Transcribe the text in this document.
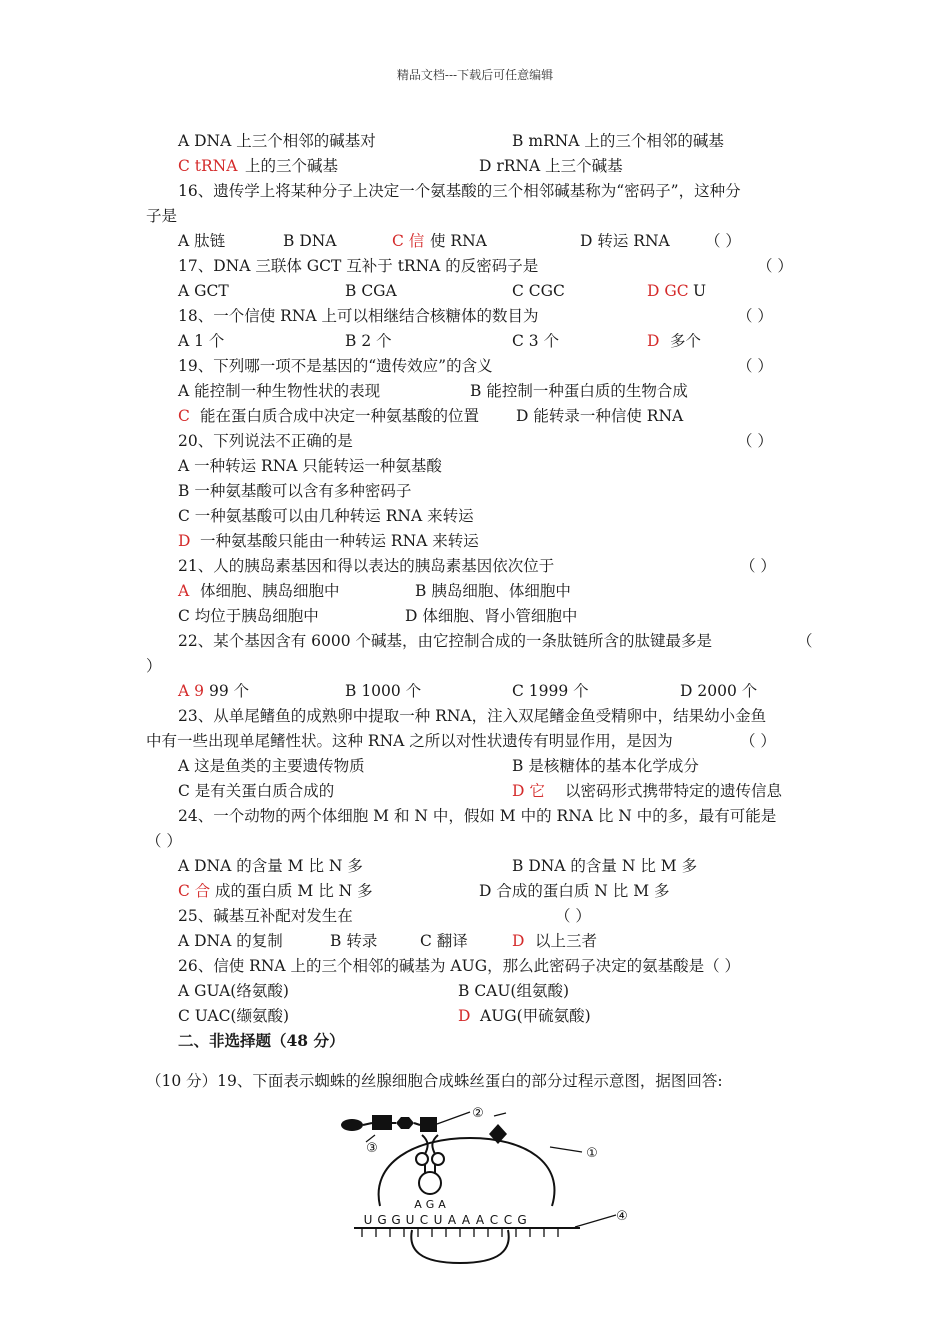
精品文档---下载后可任意编辑
A DNA 上三个相邻的碱基对	B mRNA 上的三个相邻的碱基
C tRNA 上的三个碱基	D rRNA 上三个碱基
16、遗传学上将某种分子上决定一个氨基酸的三个相邻碱基称为“密码子”，这种分
子是
A 肽链	B DNA	C 信 使 RNA	D 转运 RNA （ ）
17、DNA 三联体 GCT 互补于 tRNA 的反密码子是	（ ）
A GCT	B CGA	C CGC	D GC U
18、一个信使 RNA 上可以相继结合核糖体的数目为	（ ）
A 1 个	B 2 个	C 3 个	D 多个
19、下列哪一项不是基因的“遗传效应”的含义	（ ）
A 能控制一种生物性状的表现	B 能控制一种蛋白质的生物合成
C 能在蛋白质合成中决定一种氨基酸的位置 D 能转录一种信使 RNA
20、下列说法不正确的是	（ ）
A 一种转运 RNA 只能转运一种氨基酸
B 一种氨基酸可以含有多种密码子
C 一种氨基酸可以由几种转运 RNA 来转运
D 一种氨基酸只能由一种转运 RNA 来转运
21、人的胰岛素基因和得以表达的胰岛素基因依次位于	（ ）
A 体细胞、胰岛细胞中	B 胰岛细胞、体细胞中
C 均位于胰岛细胞中	D 体细胞、肾小管细胞中
22、某个基因含有 6000 个碱基，由它控制合成的一条肽链所含的肽键最多是	（
）
A 9 99 个	B 1000 个	C 1999 个	D 2000 个
23、从单尾鳍鱼的成熟卵中提取一种 RNA，注入双尾鳍金鱼受精卵中，结果幼小金鱼
中有一些出现单尾鳍性状。这种 RNA 之所以对性状遗传有明显作用，是因为	（ ）
A 这是鱼类的主要遗传物质	B 是核糖体的基本化学成分
C 是有关蛋白质合成的	D 它 以密码形式携带特定的遗传信息
24、一个动物的两个体细胞 M 和 N 中，假如 M 中的 RNA 比 N 中的多，最有可能是
（ ）
A DNA 的含量 M 比 N 多	B DNA 的含量 N 比 M 多
C 合 成的蛋白质 M 比 N 多	D 合成的蛋白质 N 比 M 多
25、碱基互补配对发生在	（ ）
A DNA 的复制	B 转录	C 翻译	D 以上三者
26、信使 RNA 上的三个相邻的碱基为 AUG，那么此密码子决定的氨基酸是（ ）
A GUA(络氨酸)	B CAU(组氨酸)
C UAC(缬氨酸)	D AUG(甲硫氨酸)
二、非选择题（48 分）
（10 分）19、下面表示蜘蛛的丝腺细胞合成蛛丝蛋白的部分过程示意图，据图回答:
②
③	①
④
A G A
U G G U C U A A A C C G
